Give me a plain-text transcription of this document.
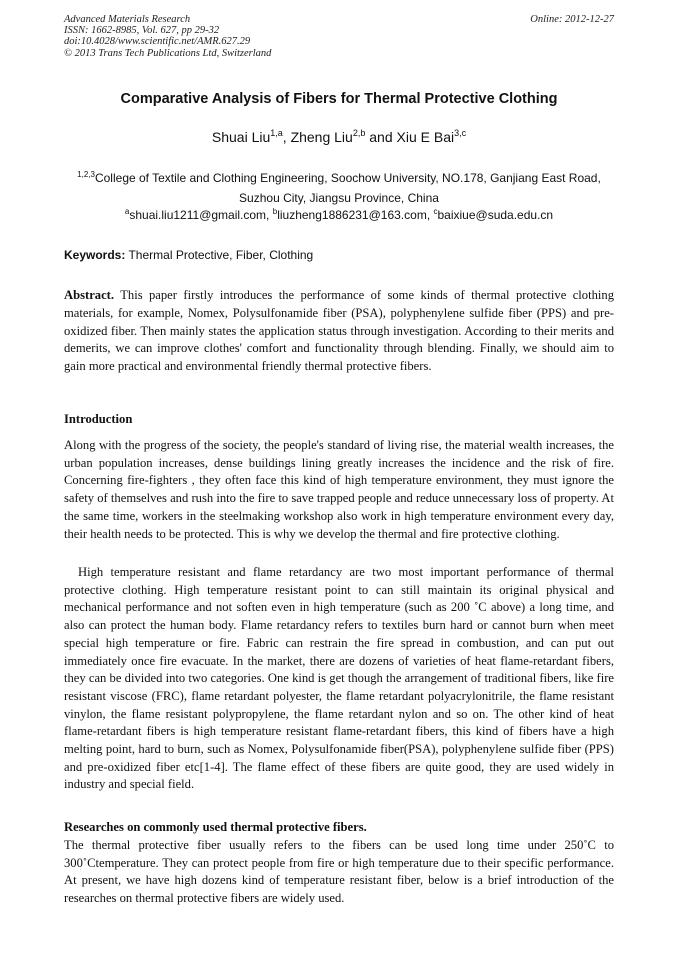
Advanced Materials Research
ISSN: 1662-8985, Vol. 627, pp 29-32
doi:10.4028/www.scientific.net/AMR.627.29
© 2013 Trans Tech Publications Ltd, Switzerland
Online: 2012-12-27
Comparative Analysis of Fibers for Thermal Protective Clothing
Shuai Liu$^{1,a}$, Zheng Liu$^{2,b}$ and Xiu E Bai$^{3,c}$
$^{1,2,3}$College of Textile and Clothing Engineering, Soochow University, NO.178, Ganjiang East Road,
Suzhou City, Jiangsu Province, China
$^a$shuai.liu1211@gmail.com, $^b$liuzheng1886231@163.com, $^c$baixiue@suda.edu.cn
Keywords: Thermal Protective, Fiber, Clothing
Abstract. This paper firstly introduces the performance of some kinds of thermal protective clothing materials, for example, Nomex, Polysulfonamide fiber (PSA), polyphenylene sulfide fiber (PPS) and pre-oxidized fiber. Then mainly states the application status through investigation. According to their merits and demerits, we can improve clothes' comfort and functionality through blending. Finally, we should aim to gain more practical and environmental friendly thermal protective fibers.
Introduction

Along with the progress of the society, the people's standard of living rise, the material wealth increases, the urban population increases, dense buildings lining greatly increases the incidence and the risk of fire. Concerning fire-fighters , they often face this kind of high temperature environment, they must ignore the safety of themselves and rush into the fire to save trapped people and reduce unnecessary loss of property. At the same time, workers in the steelmaking workshop also work in high temperature environment every day, their health needs to be protected. This is why we develop the thermal and fire protective clothing.

High temperature resistant and flame retardancy are two most important performance of thermal protective clothing. High temperature resistant point to can still maintain its original physical and mechanical performance and not soften even in high temperature (such as 200 ˚C above) a long time, and also can protect the human body. Flame retardancy refers to textiles burn hard or cannot burn when meet special high temperature or fire. Fabric can restrain the fire spread in combustion, and can put out immediately once fire evacuate. In the market, there are dozens of varieties of heat flame-retardant fibers, they can be divided into two categories. One kind is get though the arrangement of traditional fibers, like fire resistant viscose (FRC), flame retardant polyester, the flame retardant polyacrylonitrile, the flame resistant vinylon, the flame resistant polypropylene, the flame retardant nylon and so on. The other kind of heat flame-retardant fibers is high temperature resistant flame-retardant fibers, this kind of fibers have a high melting point, hard to burn, such as Nomex, Polysulfonamide fiber(PSA), polyphenylene sulfide fiber (PPS) and pre-oxidized fiber etc[1-4]. The flame effect of these fibers are quite good, they are used widely in industry and special field.

Researches on commonly used thermal protective fibers.

The thermal protective fiber usually refers to the fibers can be used long time under 250˚C to 300˚Ctemperature. They can protect people from fire or high temperature due to their specific performance. At present, we have high dozens kind of temperature resistant fiber, below is a brief introduction of the researches on thermal protective fibers are widely used.
